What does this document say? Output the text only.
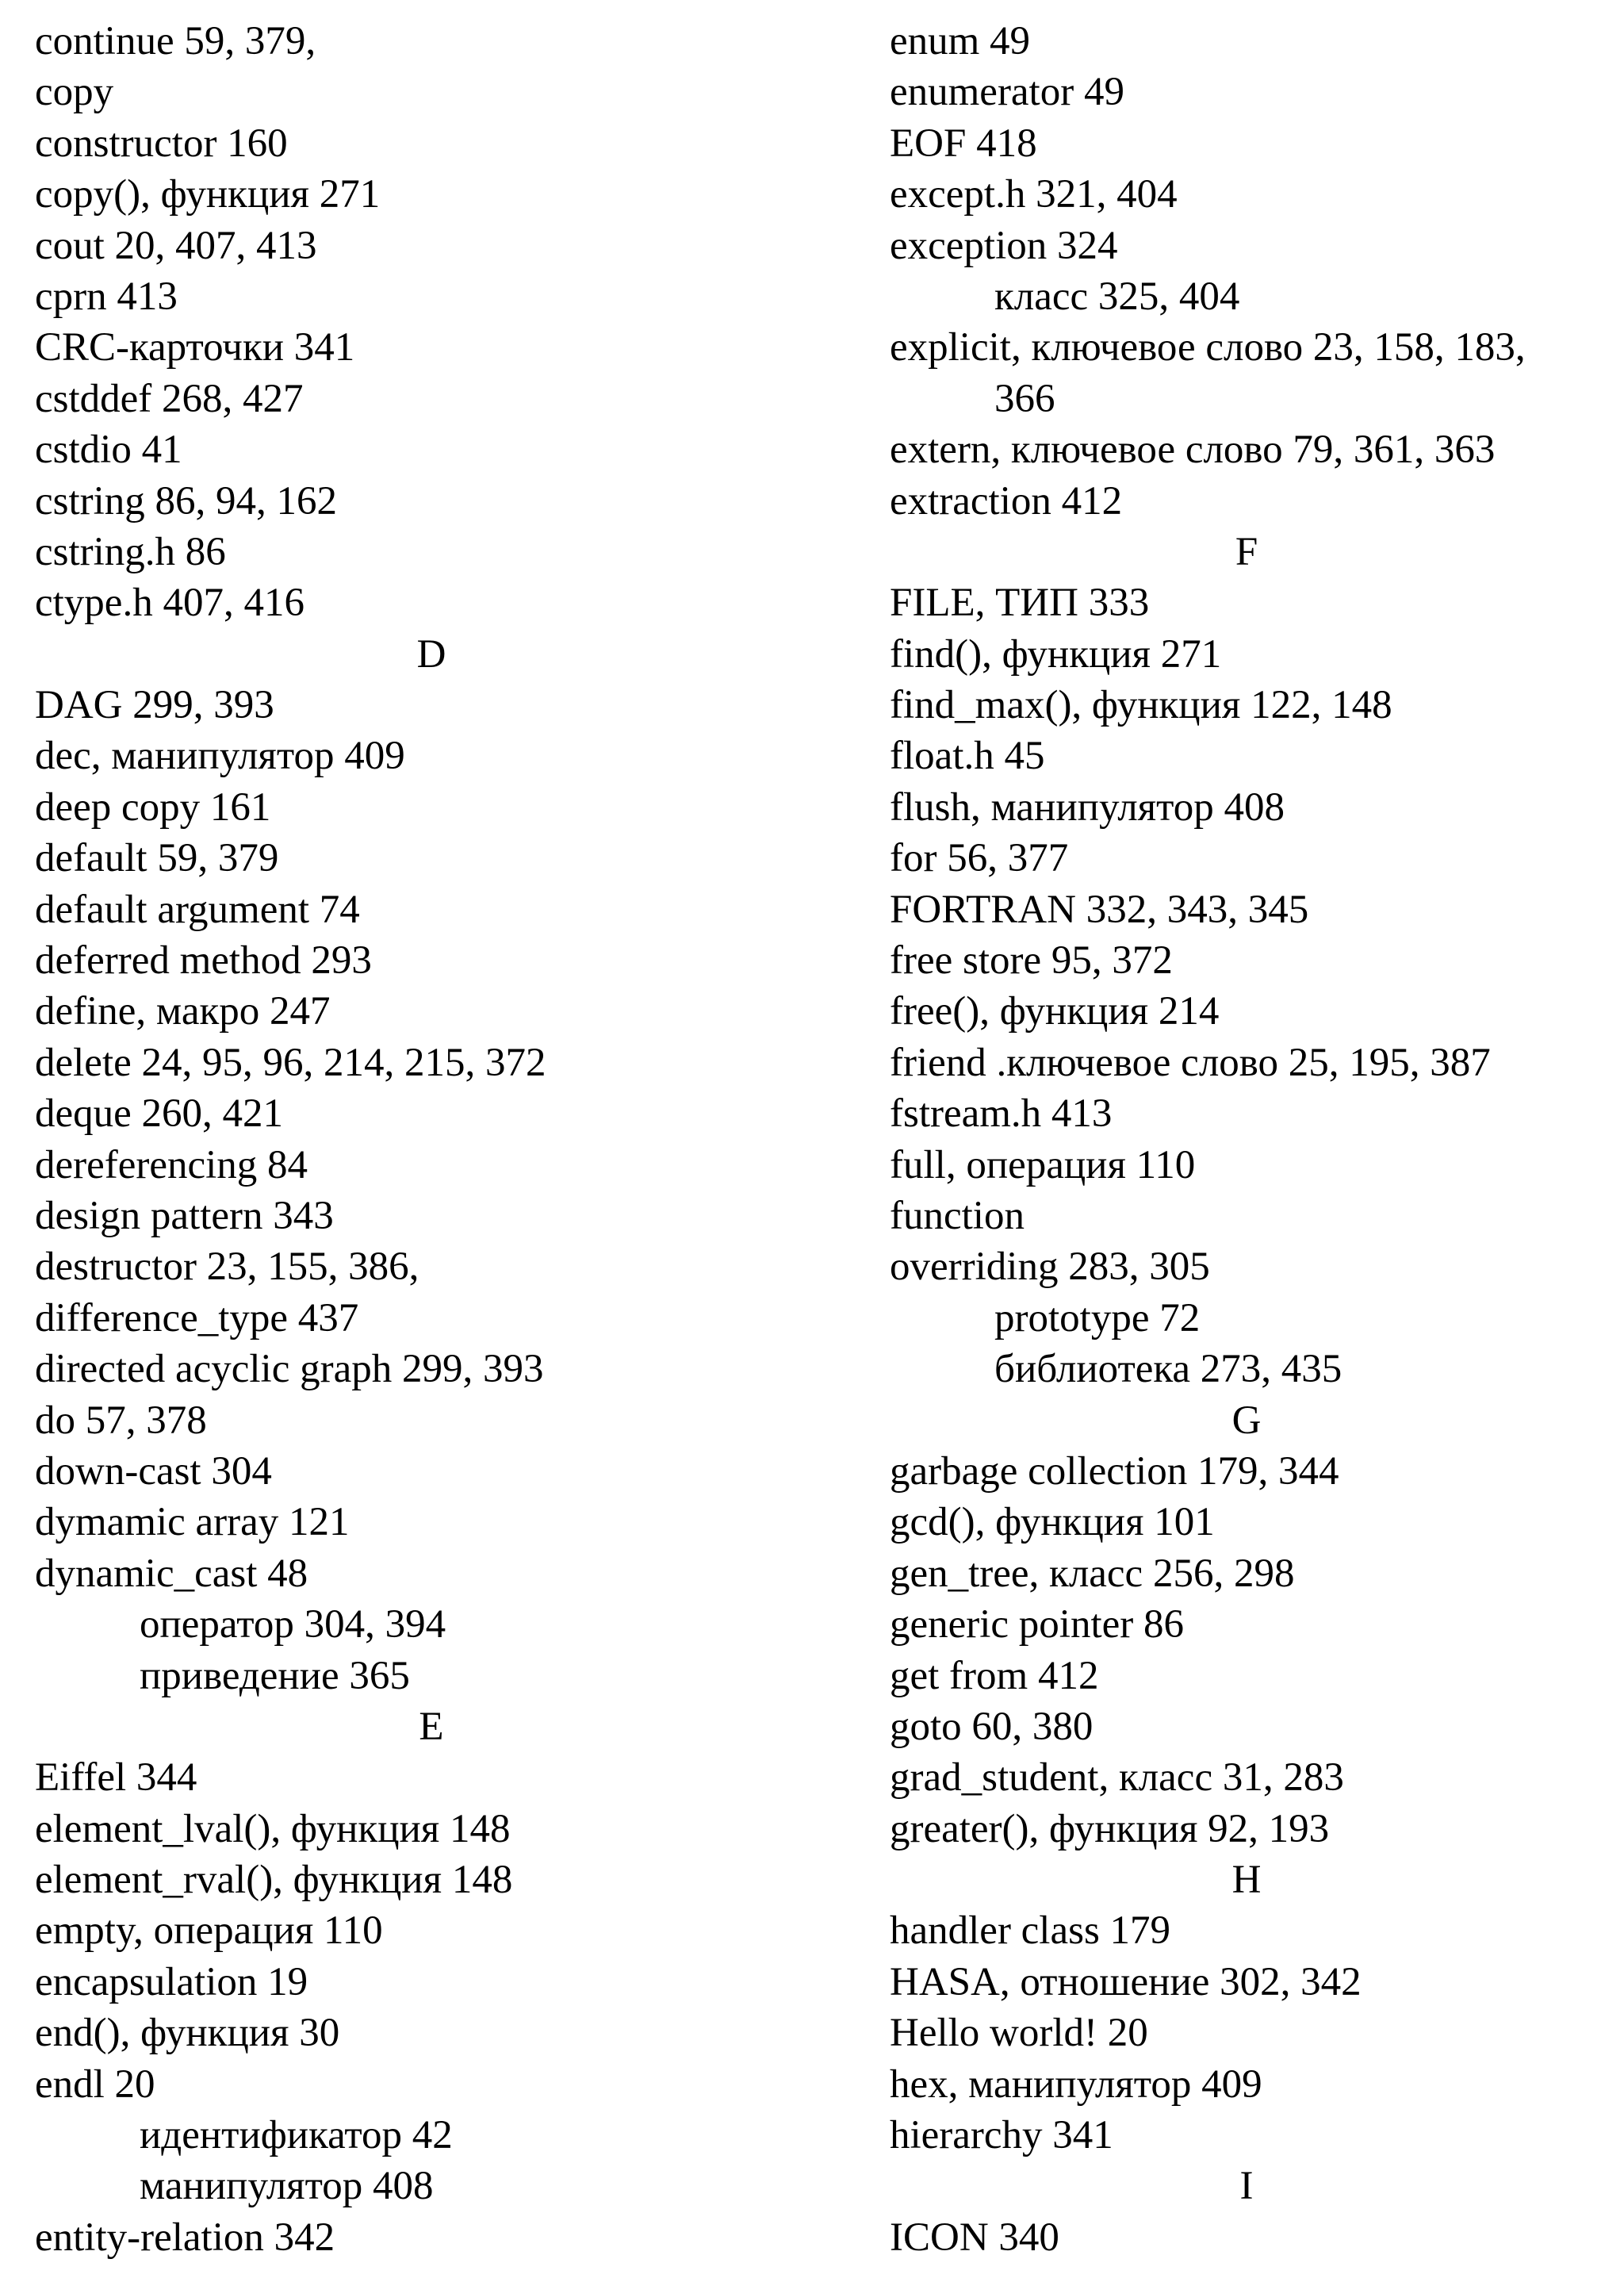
continue 59, 379,
copy
constructor 160
copy(), функция 271
cout 20, 407, 413
cprn 413
CRC-карточки 341
cstddef 268, 427
cstdio 41
cstring 86, 94, 162
cstring.h 86
ctype.h 407, 416
D
DAG 299, 393
dec, манипулятор 409
deep copy 161
default 59, 379
default argument 74
deferred method 293
define, макро 247
delete 24, 95, 96, 214, 215, 372
deque 260, 421
dereferencing 84
design pattern 343
destructor 23, 155, 386,
difference_type 437
directed acyclic graph 299, 393
do 57, 378
down-cast 304
dymamic array 121
dynamic_cast 48
оператор 304, 394
приведение 365
E
Eiffel 344
element_lval(), функция 148
element_rval(), функция 148
empty, операция 110
encapsulation 19
end(), функция 30
endl 20
идентификатор 42
манипулятор 408
entity-relation 342
enum 49
enumerator 49
EOF 418
except.h 321, 404
exception 324
класс 325, 404
explicit, ключевое слово 23, 158, 183,
366
extern, ключевое слово 79, 361, 363
extraction 412
F
FILE, ТИП 333
find(), функция 271
find_max(), функция 122, 148
float.h 45
flush, манипулятор 408
for 56, 377
FORTRAN 332, 343, 345
free store 95, 372
free(), функция 214
friend .ключевое слово 25, 195, 387
fstream.h 413
full, операция 110
function
overriding 283, 305
prototype 72
библиотека 273, 435
G
garbage collection 179, 344
gcd(), функция 101
gen_tree, класс 256, 298
generic pointer 86
get from 412
goto 60, 380
grad_student, класс 31, 283
greater(), функция 92, 193
H
handler class 179
HASA, отношение 302, 342
Hello world! 20
hex, манипулятор 409
hierarchy 341
I
ICON 340
